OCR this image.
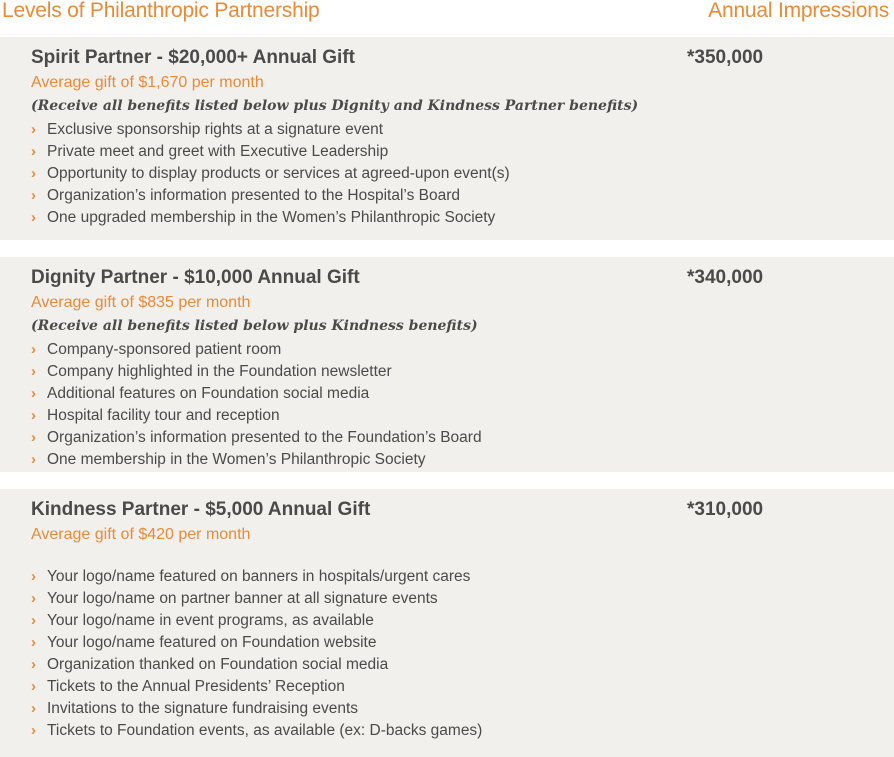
Levels of Philanthropic Partnership	Annual Impressions
Spirit Partner - $20,000+ Annual Gift	*350,000
Average gift of $1,670 per month
(Receive all benefits listed below plus Dignity and Kindness Partner benefits)
› Exclusive sponsorship rights at a signature event
› Private meet and greet with Executive Leadership
› Opportunity to display products or services at agreed-upon event(s)
› Organization’s information presented to the Hospital’s Board
› One upgraded membership in the Women’s Philanthropic Society
Dignity Partner - $10,000 Annual Gift	*340,000
Average gift of $835 per month
(Receive all benefits listed below plus Kindness benefits)
› Company-sponsored patient room
› Company highlighted in the Foundation newsletter
› Additional features on Foundation social media
› Hospital facility tour and reception
› Organization’s information presented to the Foundation’s Board
› One membership in the Women’s Philanthropic Society
Kindness Partner - $5,000 Annual Gift	*310,000
Average gift of $420 per month
› Your logo/name featured on banners in hospitals/urgent cares
› Your logo/name on partner banner at all signature events
› Your logo/name in event programs, as available
› Your logo/name featured on Foundation website
› Organization thanked on Foundation social media
› Tickets to the Annual Presidents’ Reception
› Invitations to the signature fundraising events
› Tickets to Foundation events, as available (ex: D-backs games)
